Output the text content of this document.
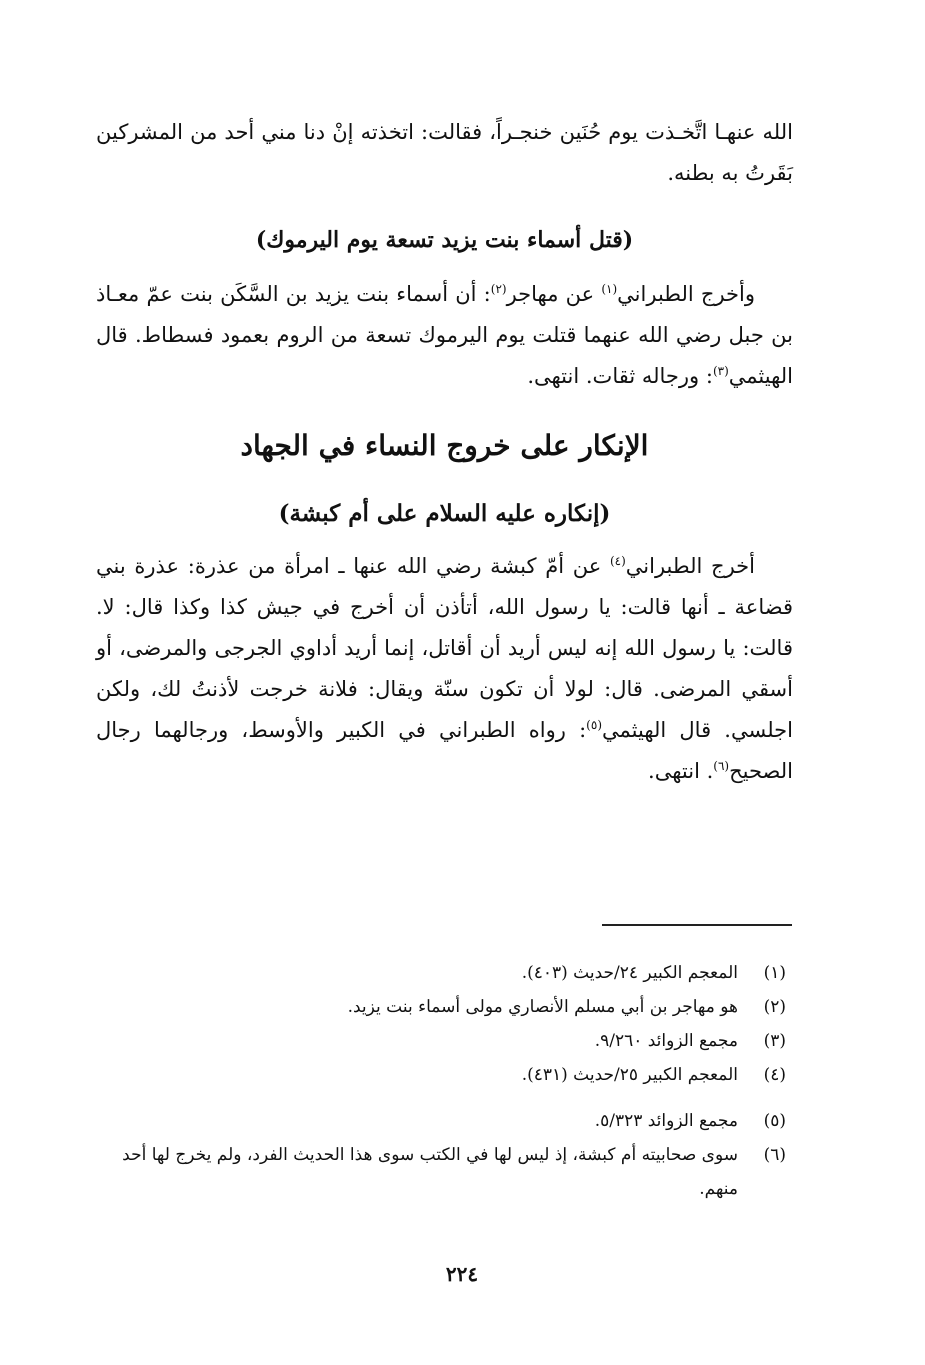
الله عنهـا اتَّخـذت يوم حُنَين خنجـراً، فقالت: اتخذته إنْ دنا مني أحد من المشركين بَقَرتُ به بطنه.
(قتل أسماء بنت يزيد تسعة يوم اليرموك)
وأخرج الطبراني$^{(١)}$ عن مهاجر$^{(٢)}$: أن أسماء بنت يزيد بن السَّكَن بنت عمّ معـاذ بن جبل رضي الله عنهما قتلت يوم اليرموك تسعة من الروم بعمود فسطاط. قال الهيثمي$^{(٣)}$: ورجاله ثقات. انتهى.
الإنكار على خروج النساء في الجهاد
(إنكاره عليه السلام على أم كبشة)
أخرج الطبراني$^{(٤)}$ عن أمّ كبشة رضي الله عنها ـ امرأة من عذرة: عذرة بني قضاعة ـ أنها قالت: يا رسول الله، أتأذن أن أخرج في جيش كذا وكذا قال: لا. قالت: يا رسول الله إنه ليس أريد أن أقاتل، إنما أريد أداوي الجرجى والمرضى، أو أسقي المرضى. قال: لولا أن تكون سنّة ويقال: فلانة خرجت لأذنتُ لك، ولكن اجلسي. قال الهيثمي$^{(٥)}$: رواه الطبراني في الكبير والأوسط، ورجالهما رجال الصحيح$^{(٦)}$. انتهى.
(١)
المعجم الكبير ٢٤/حديث (٤٠٣).
(٢)
هو مهاجر بن أبي مسلم الأنصاري مولى أسماء بنت يزيد.
(٣)
مجمع الزوائد ٩/٢٦٠.
(٤)
المعجم الكبير ٢٥/حديث (٤٣١).
(٥)
مجمع الزوائد ٥/٣٢٣.
(٦)
سوى صحابيته أم كبشة، إذ ليس لها في الكتب سوى هذا الحديث الفرد، ولم يخرج لها أحد منهم.
٢٢٤
